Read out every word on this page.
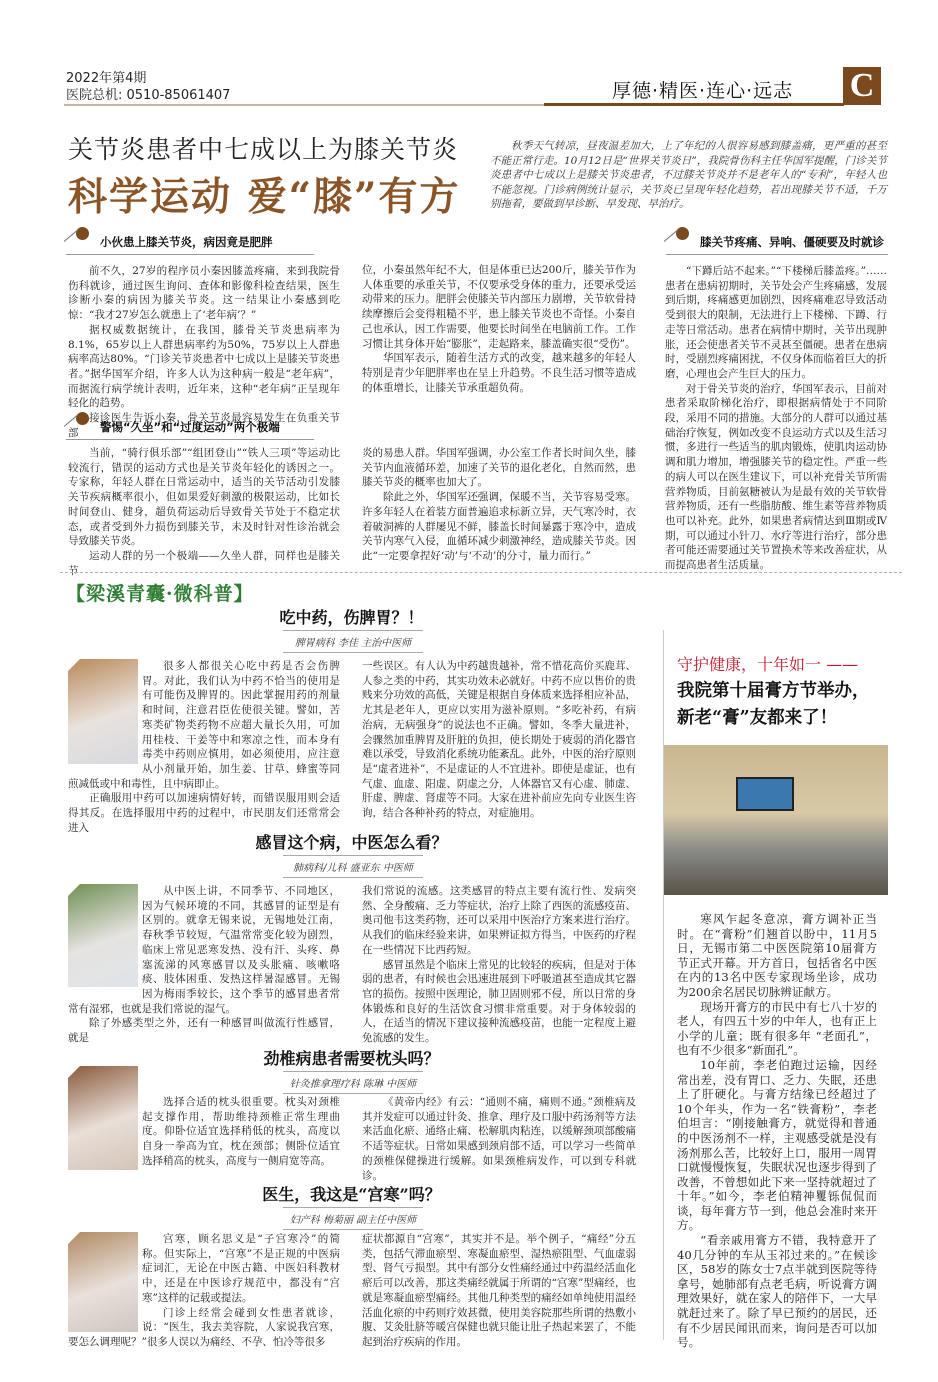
2022年第4期
医院总机: 0510-85061407	厚德·精医·连心·远志 C
关节炎患者中七成以上为膝关节炎
科学运动 爱“膝”有方
秋季天气转凉，昼夜温差加大，上了年纪的人很容易感到膝盖痛，更严重的甚至不能正常行走。10月12日是“世界关节炎日”，我院骨伤科主任华国军提醒，门诊关节炎患者中七成以上是膝关节炎患者，不过膝关节炎并不是老年人的“专利”，年轻人也不能忽视。门诊病例统计显示，关节炎已呈现年轻化趋势，若出现膝关节不适，千万别拖着，要做到早诊断、早发现、早治疗。
小伙患上膝关节炎，病因竟是肥胖

前不久，27岁的程序员小秦因膝盖疼痛，来到我院骨伤科就诊，通过医生询问、查体和影像科检查结果，医生诊断小秦的病因为膝关节炎。这一结果让小秦感到吃惊：“我才27岁怎么就患上了‘老年病’？”

据权威数据统计，在我国，膝骨关节炎患病率为8.1%，65岁以上人群患病率约为50%，75岁以上人群患病率高达80%。“门诊关节炎患者中七成以上是膝关节炎患者。”据华国军介绍，许多人认为这种病一般是“老年病”，而据流行病学统计表明，近年来，这种“老年病”正呈现年轻化的趋势。

接诊医生告诉小秦，骨关节炎最容易发生在负重关节部

位，小秦虽然年纪不大，但是体重已达200斤，膝关节作为人体重要的承重关节，不仅要承受身体的重力，还要承受运动带来的压力。肥胖会使膝关节内部压力剧增，关节软骨持续摩擦后会变得粗糙不平，患上膝关节炎也不奇怪。小秦自己也承认，因工作需要，他要长时间坐在电脑前工作。工作习惯让其身体开始“膨胀”，走起路来，膝盖确实很“受伤”。

华国军表示，随着生活方式的改变，越来越多的年轻人特别是青少年肥胖率也在呈上升趋势。不良生活习惯等造成的体重增长，让膝关节承重超负荷。

警惕“久坐”和“过度运动”两个极端

当前，“骑行俱乐部”“组团登山”“铁人三项”等运动比较流行，错误的运动方式也是关节炎年轻化的诱因之一。专家称，年轻人群在日常运动中，适当的关节活动引发膝关节疾病概率很小，但如果爱好刺激的极限运动，比如长时间登山、健身，超负荷运动后导致骨关节处于不稳定状态，或者受到外力损伤到膝关节，未及时针对性诊治就会导致膝关节炎。

运动人群的另一个极端——久坐人群，同样也是膝关节

炎的易患人群。华国军强调，办公室工作者长时间久坐，膝关节内血液循环差，加速了关节的退化老化，自然而然，患膝关节炎的概率也加大了。

除此之外，华国军还强调，保暖不当，关节容易受寒。许多年轻人在着装方面普遍追求标新立异，天气寒冷时，衣着破洞裤的人群屡见不鲜，膝盖长时间暴露于寒冷中，造成关节内寒气入侵，血循环减少刺激神经，造成膝关节炎。因此“一定要拿捏好‘动’与‘不动’的分寸，量力而行。”

膝关节疼痛、异响、僵硬要及时就诊

“下蹲后站不起来。”“下楼梯后膝盖疼。”……患者在患病初期时，关节处会产生疼痛感，发展到后期，疼痛感更加剧烈，因疼痛难忍导致活动受到很大的限制，无法进行上下楼梯、下蹲、行走等日常活动。患者在病情中期时，关节出现肿胀，还会使患者关节不灵甚至僵硬。患者在患病时，受剧烈疼痛困扰，不仅身体而临着巨大的折磨，心理也会产生巨大的压力。

对于骨关节炎的治疗，华国军表示，目前对患者采取阶梯化治疗，即根据病情处于不同阶段，采用不同的措施。大部分的人群可以通过基础治疗恢复，例如改变不良运动方式以及生活习惯，多进行一些适当的肌肉锻炼，使肌肉运动协调和肌力增加，增强膝关节的稳定性。严重一些的病人可以在医生建议下，可以补充骨关节所需营养物质，目前氨糖被认为是最有效的关节软骨营养物质，还有一些脂肪酸、维生素等营养物质也可以补充。此外，如果患者病情达到Ⅲ期或Ⅳ期，可以通过小针刀、水疗等进行治疗，部分患者可能还需要通过关节置换术等来改善症状，从而提高患者生活质量。

【梁溪青囊·微科普】
吃中药，伤脾胃？！
脾胃病科 李佳 主治中医师

很多人都很关心吃中药是否会伤脾胃。对此，我们认为中药不恰当的使用是有可能伤及脾胃的。因此掌握用药的剂量和时间，注意君臣佐使很关键。譬如，苦寒类矿物类药物不应超大量长久用，可加用桂枝、干姜等中和寒凉之性，而本身有毒类中药则应慎用，如必须使用，应注意从小剂量开始，加生姜、甘草、蜂蜜等同煎减低或中和毒性，且中病即止。

正确服用中药可以加速病情好转，而错误服用则会适得其反。在选择服用中药的过程中，市民朋友们还常常会进入

一些误区。有人认为中药越贵越补，常不惜花高价买鹿茸、人参之类的中药，其实功效未必就好。中药不应以售价的贵贱来分功效的高低，关键是根据自身体质来选择相应补品，尤其是老年人，更应以实用为滋补原则。“多吃补药，有病治病，无病强身”的说法也不正确。譬如，冬季大量进补，会骤然加重脾胃及肝脏的负担，使长期处于疲弱的消化器官难以承受，导致消化系统功能紊乱。此外，中医的治疗原则是“虚者进补”，不是虚证的人不宜进补。即使是虚证，也有气虚、血虚、阳虚、阴虚之分，人体器官又有心虚、肺虚、肝虚、脾虚、肾虚等不同。大家在进补前应先向专业医生咨询，结合各种补药的特点，对症施用。

感冒这个病，中医怎么看？
肺病科/儿科 盛亚东 中医师

从中医上讲，不同季节、不同地区，因为气候环境的不同，其感冒的证型是有区别的。就拿无锡来说，无锡地处江南，春秋季节较短，气温常常变化较为剧烈，临床上常见恶寒发热、没有汗、头疼、鼻塞流涕的风寒感冒以及头胀痛、咳嗽咯痰、肢体困重、发热这样暑湿感冒。无锡因为梅雨季较长，这个季节的感冒患者常常有湿邪，也就是我们常说的湿气。

除了外感类型之外，还有一种感冒叫做流行性感冒，就是

我们常说的流感。这类感冒的特点主要有流行性、发病突然、全身酸痛、乏力等症状，治疗上除了西医的流感疫苗、奥司他韦这类药物，还可以采用中医治疗方案来进行治疗。从我们的临床经验来讲，如果辨证拟方得当，中医药的疗程在一些情况下比西药短。

感冒虽然是个临床上常见的比较轻的疾病，但是对于体弱的患者，有时候也会迅速进展到下呼吸道甚至造成其它器官的损伤。按照中医理论，肺卫固则邪不侵，所以日常的身体锻炼和良好的生活饮食习惯非常重要。对于身体较弱的人，在适当的情况下建议接种流感疫苗，也能一定程度上避免流感的发生。

劲椎病患者需要枕头吗？
针灸推拿理疗科 陈琳 中医师

选择合适的枕头很重要。枕头对颈椎起支撑作用，帮助维持颈椎正常生理曲度。仰卧位适宜选择稍低的枕头，高度以自身一拳高为宜，枕在颈部；侧卧位适宜选择稍高的枕头，高度与一侧肩宽等高。

《黄帝内经》有云：“通则不痛，痛则不通。”颈椎病及其并发症可以通过针灸、推拿、理疗及口服中药汤剂等方法来活血化瘀、通络止痛、松解肌肉粘连，以缓解颈项部酸痛不适等症状。日常如果感到颈肩部不适，可以学习一些简单的颈椎保健操进行缓解。如果颈椎病发作，可以到专科就诊。

医生，我这是“宫寒”吗？
妇产科 梅菊丽 副主任中医师

宫寒，顾名思义是“子宫寒冷”的简称。但实际上，“宫寒”不是正规的中医病症词汇，无论在中医古籍、中医妇科教材中，还是在中医诊疗规范中，都没有“宫寒”这样的记载或提法。

门诊上经常会碰到女性患者就诊，说：“医生，我去美容院，人家说我宫寒，要怎么调理呢？”很多人误以为痛经、不孕、怕冷等很多

症状都源自“宫寒”，其实并不是。举个例子，“痛经”分五类，包括气滞血瘀型、寒凝血瘀型、湿热瘀阻型、气血虚弱型、肾气亏损型。其中有部分女性痛经通过中药温经活血化瘀后可以改善，那这类痛经就属于所谓的“宫寒”型痛经，也就是寒凝血瘀型痛经。其他几种类型的痛经如单纯使用温经活血化瘀的中药则疗效甚微，使用美容院那些所谓的热敷小腹、艾灸肚脐等暖宫保健也就只能让肚子热起来罢了，不能起到治疗疾病的作用。

守护健康，十年如一 ——
我院第十届膏方节举办，
新老“膏”友都来了！

寒风乍起冬意凉，膏方调补正当时。在“膏粉”们翘首以盼中，11月5日，无锡市第二中医医院第10届膏方节正式开幕。开方首日，包括省名中医在内的13名中医专家现场坐诊，成功为200余名居民切脉辨证献方。

现场开膏方的市民中有七八十岁的老人，有四五十岁的中年人，也有正上小学的儿童；既有很多年 “老面孔”，也有不少很多“新面孔”。

10年前，李老伯跑过运输，因经常出差，没有胃口、乏力、失眠，还患上了肝硬化。与膏方结缘已经超过了10个年头，作为一名“铁膏粉”，李老伯坦言：“刚接触膏方，就觉得和普通的中医汤剂不一样，主观感受就是没有汤剂那么苦，比较好上口，服用一周胃口就慢慢恢复，失眠状况也逐步得到了改善，不曾想如此下来一坚持就超过了十年。”如今，李老伯精神矍铄侃侃而谈，每年膏方节一到，他总会准时来开方。

“看亲戚用膏方不错，我特意开了40几分钟的车从玉祁过来的。”在候诊区，58岁的陈女士7点半就到医院等待拿号，她肺部有点老毛病，听说膏方调理效果好，就在家人的陪伴下，一大早就赶过来了。除了早已预约的居民，还有不少居民闻讯而来，询问是否可以加号。
